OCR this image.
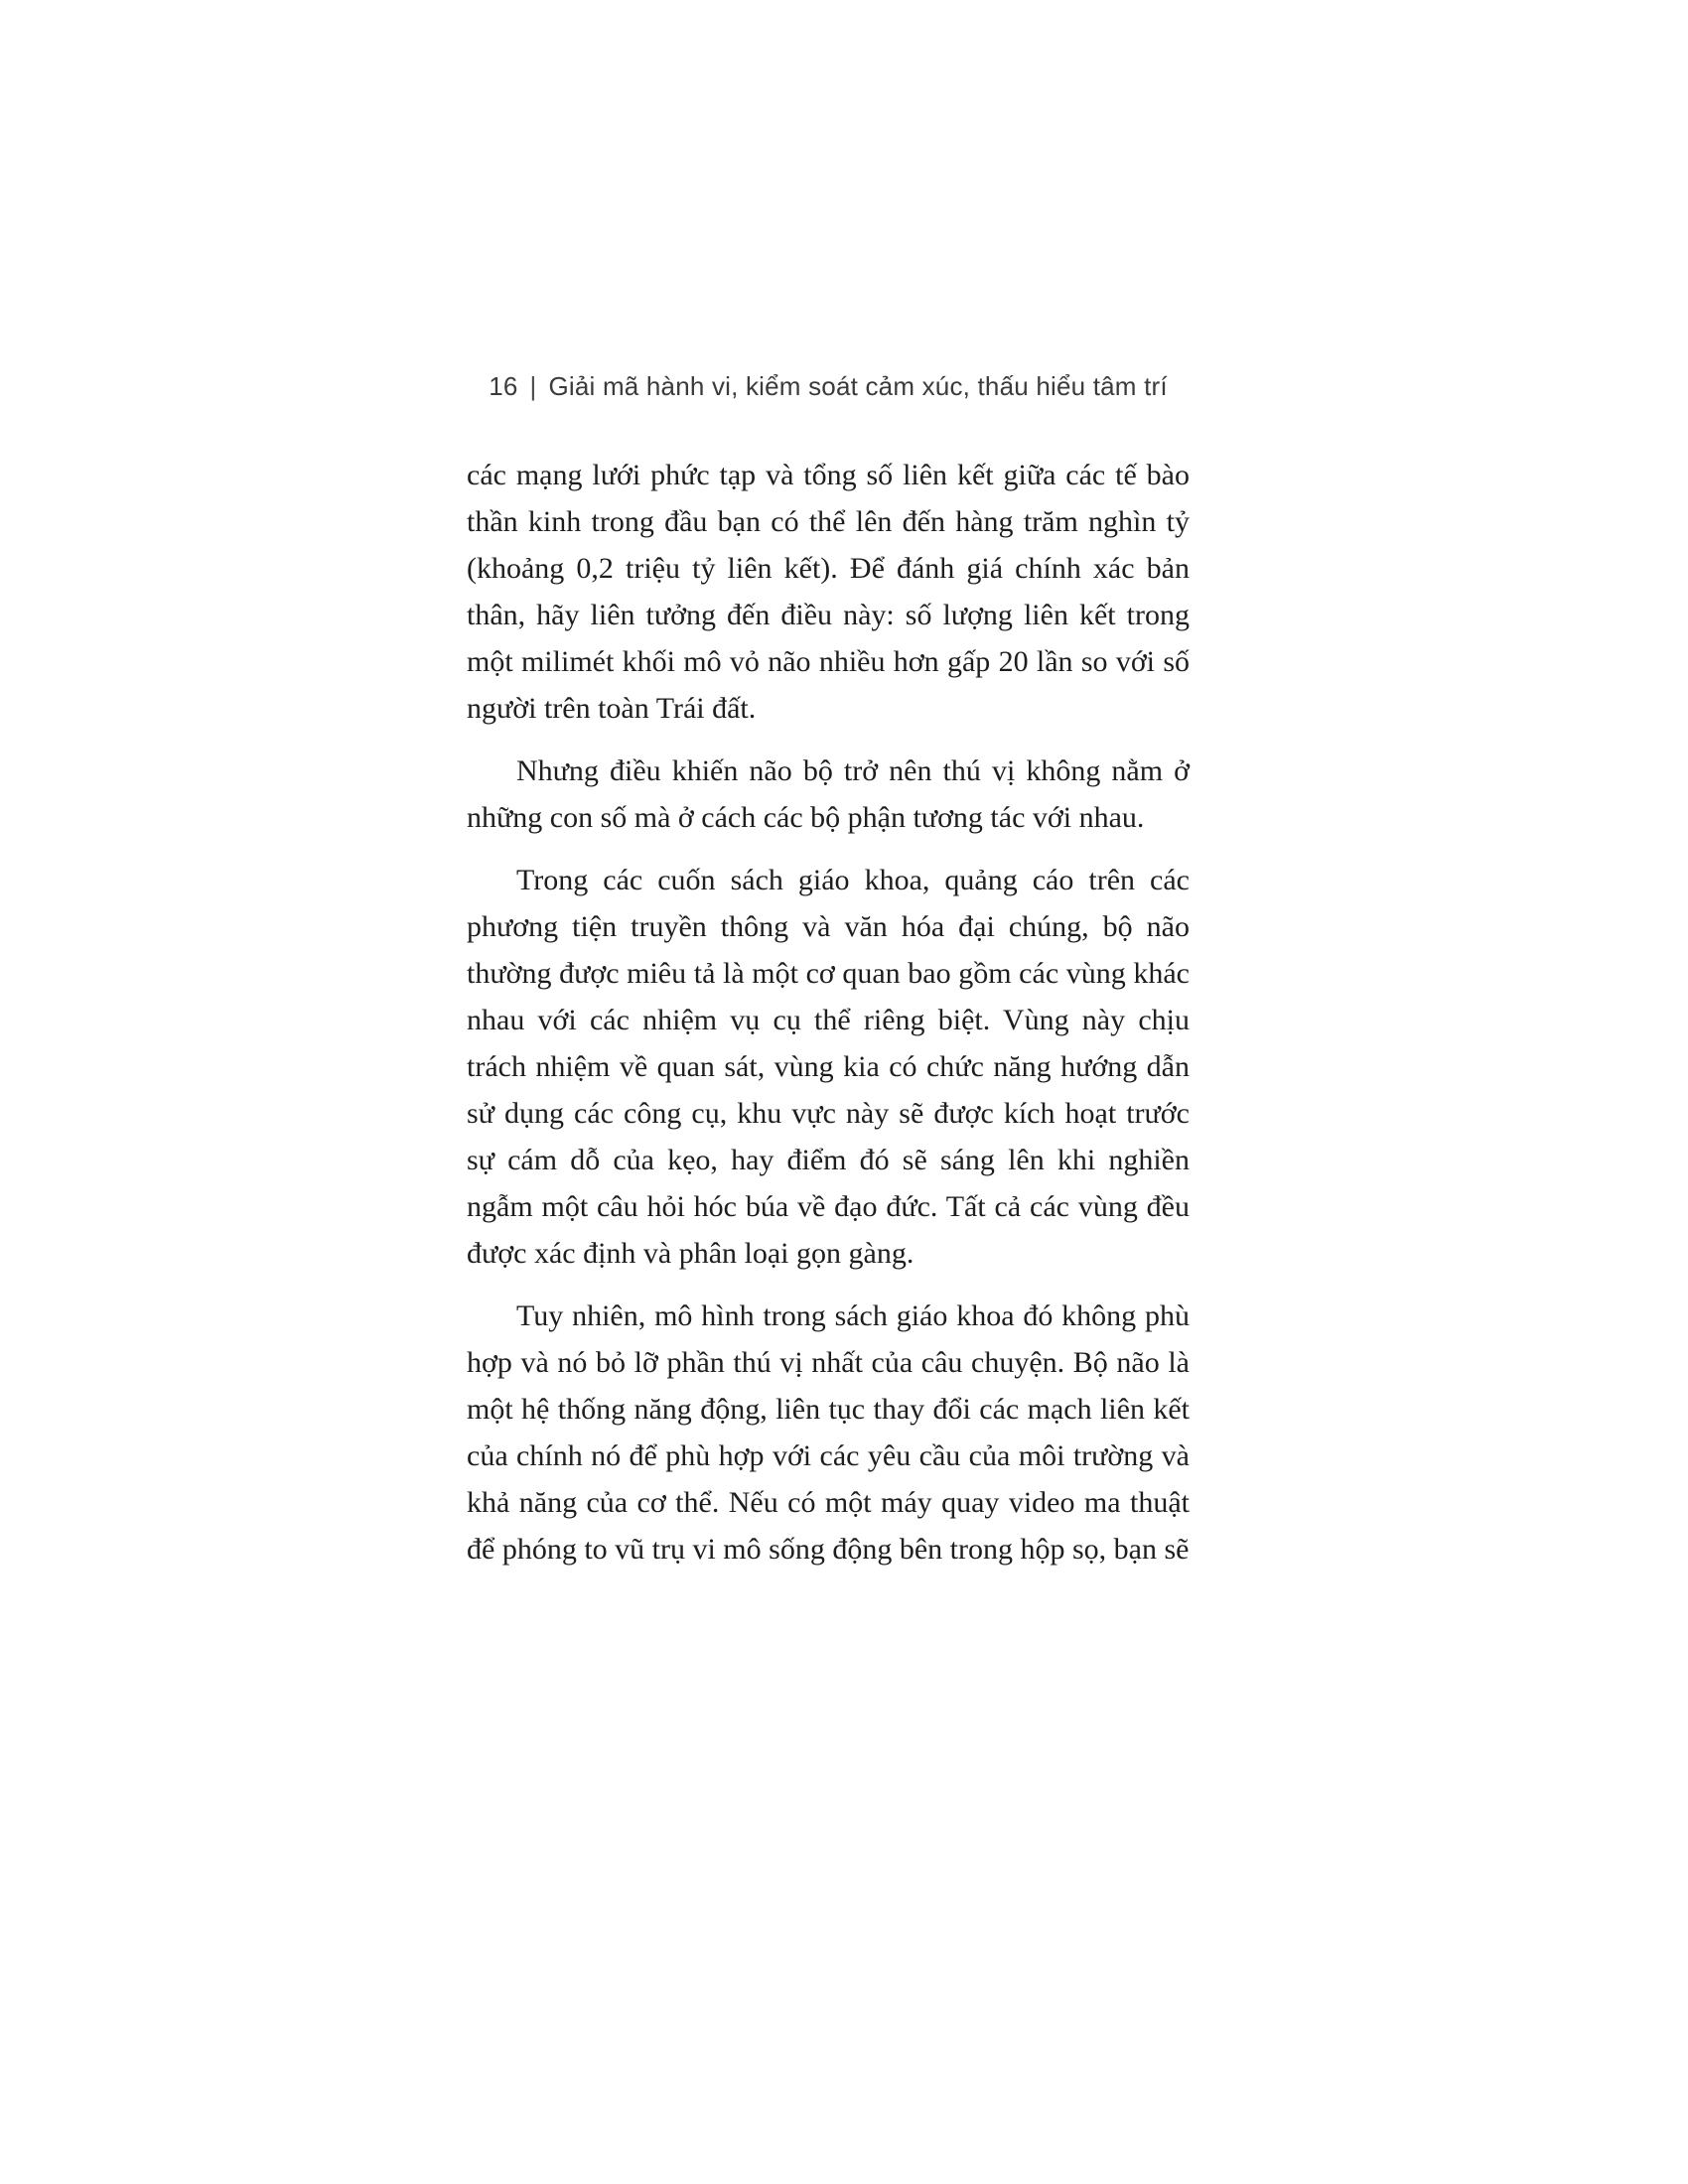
16 | Giải mã hành vi, kiểm soát cảm xúc, thấu hiểu tâm trí

các mạng lưới phức tạp và tổng số liên kết giữa các tế bào thần kinh trong đầu bạn có thể lên đến hàng trăm nghìn tỷ (khoảng 0,2 triệu tỷ liên kết). Để đánh giá chính xác bản thân, hãy liên tưởng đến điều này: số lượng liên kết trong một milimét khối mô vỏ não nhiều hơn gấp 20 lần so với số người trên toàn Trái đất.

Nhưng điều khiến não bộ trở nên thú vị không nằm ở những con số mà ở cách các bộ phận tương tác với nhau.

Trong các cuốn sách giáo khoa, quảng cáo trên các phương tiện truyền thông và văn hóa đại chúng, bộ não thường được miêu tả là một cơ quan bao gồm các vùng khác nhau với các nhiệm vụ cụ thể riêng biệt. Vùng này chịu trách nhiệm về quan sát, vùng kia có chức năng hướng dẫn sử dụng các công cụ, khu vực này sẽ được kích hoạt trước sự cám dỗ của kẹo, hay điểm đó sẽ sáng lên khi nghiền ngẫm một câu hỏi hóc búa về đạo đức. Tất cả các vùng đều được xác định và phân loại gọn gàng.

Tuy nhiên, mô hình trong sách giáo khoa đó không phù hợp và nó bỏ lỡ phần thú vị nhất của câu chuyện. Bộ não là một hệ thống năng động, liên tục thay đổi các mạch liên kết của chính nó để phù hợp với các yêu cầu của môi trường và khả năng của cơ thể. Nếu có một máy quay video ma thuật để phóng to vũ trụ vi mô sống động bên trong hộp sọ, bạn sẽ
